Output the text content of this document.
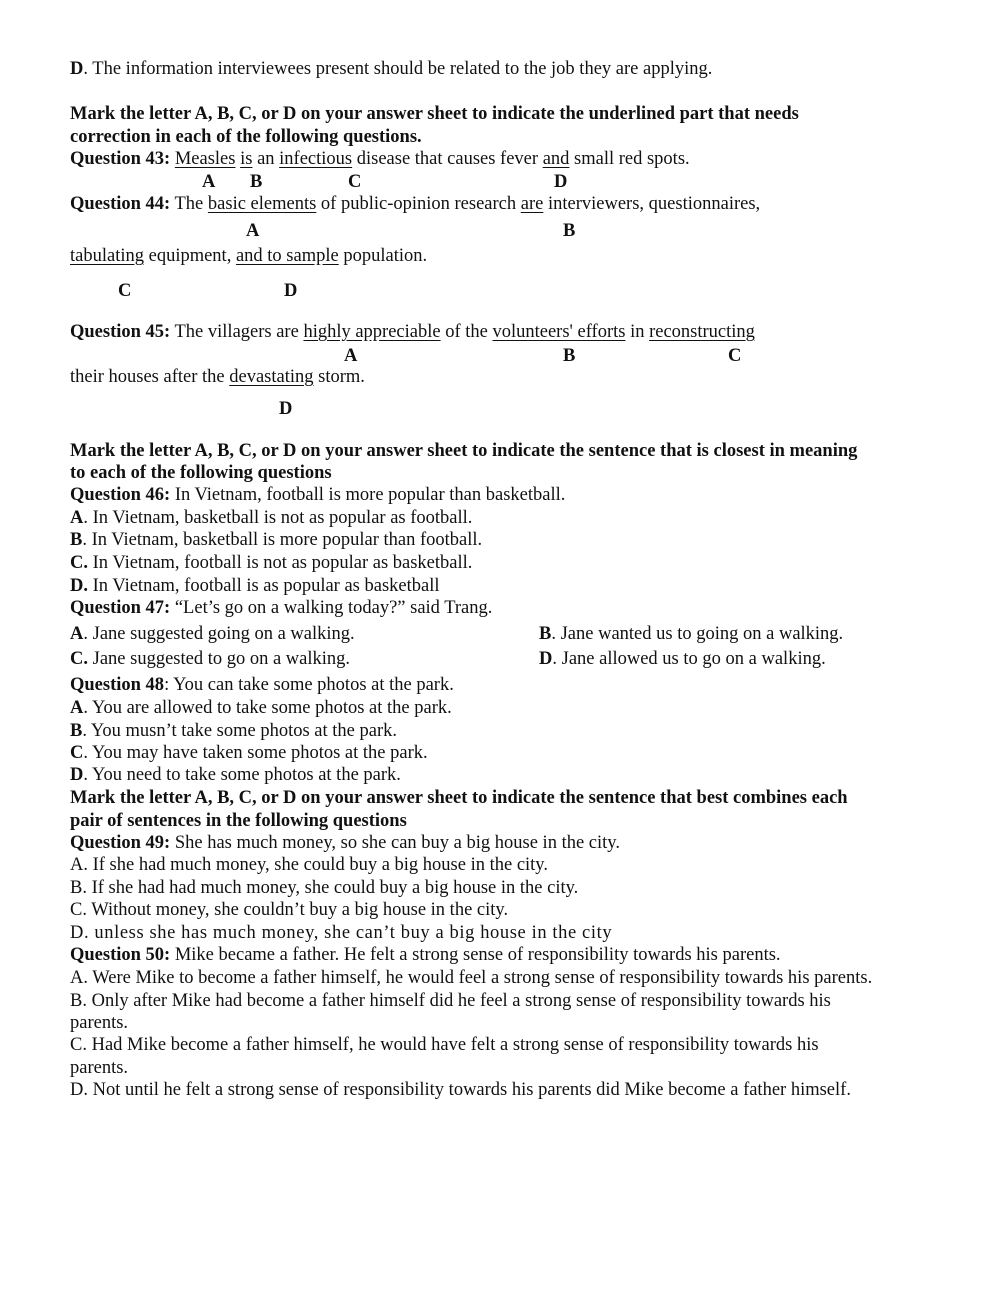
D. The information interviewees present should be related to the job they are applying.
Mark the letter A, B, C, or D on your answer sheet to indicate the underlined part that needs
correction in each of the following questions.
Question 43: Measles is an infectious disease that causes fever and small red spots.
A B	C	D
Question 44: The basic elements of public-opinion research are interviewers, questionnaires,
A	B
tabulating equipment, and to sample population.
C	D
Question 45: The villagers are highly appreciable of the volunteers' efforts in reconstructing
A	B	C
their houses after the devastating storm.
D
Mark the letter A, B, C, or D on your answer sheet to indicate the sentence that is closest in meaning
to each of the following questions
Question 46: In Vietnam, football is more popular than basketball.
A. In Vietnam, basketball is not as popular as football.
B. In Vietnam, basketball is more popular than football.
C. In Vietnam, football is not as popular as basketball.
D. In Vietnam, football is as popular as basketball
Question 47: “Let’s go on a walking today?” said Trang.
A. Jane suggested going on a walking.	B. Jane wanted us to going on a walking.
C. Jane suggested to go on a walking.	D. Jane allowed us to go on a walking.
Question 48: You can take some photos at the park.
A. You are allowed to take some photos at the park.
B. You musn’t take some photos at the park.
C. You may have taken some photos at the park.
D. You need to take some photos at the park.
Mark the letter A, B, C, or D on your answer sheet to indicate the sentence that best combines each
pair of sentences in the following questions
Question 49: She has much money, so she can buy a big house in the city.
A. If she had much money, she could buy a big house in the city.
B. If she had had much money, she could buy a big house in the city.
C. Without money, she couldn’t buy a big house in the city.
D. unless she has much money, she can’t buy a big house in the city
Question 50: Mike became a father. He felt a strong sense of responsibility towards his parents.
A. Were Mike to become a father himself, he would feel a strong sense of responsibility towards his parents.
B. Only after Mike had become a father himself did he feel a strong sense of responsibility towards his
parents.
C. Had Mike become a father himself, he would have felt a strong sense of responsibility towards his
parents.
D. Not until he felt a strong sense of responsibility towards his parents did Mike become a father himself.
